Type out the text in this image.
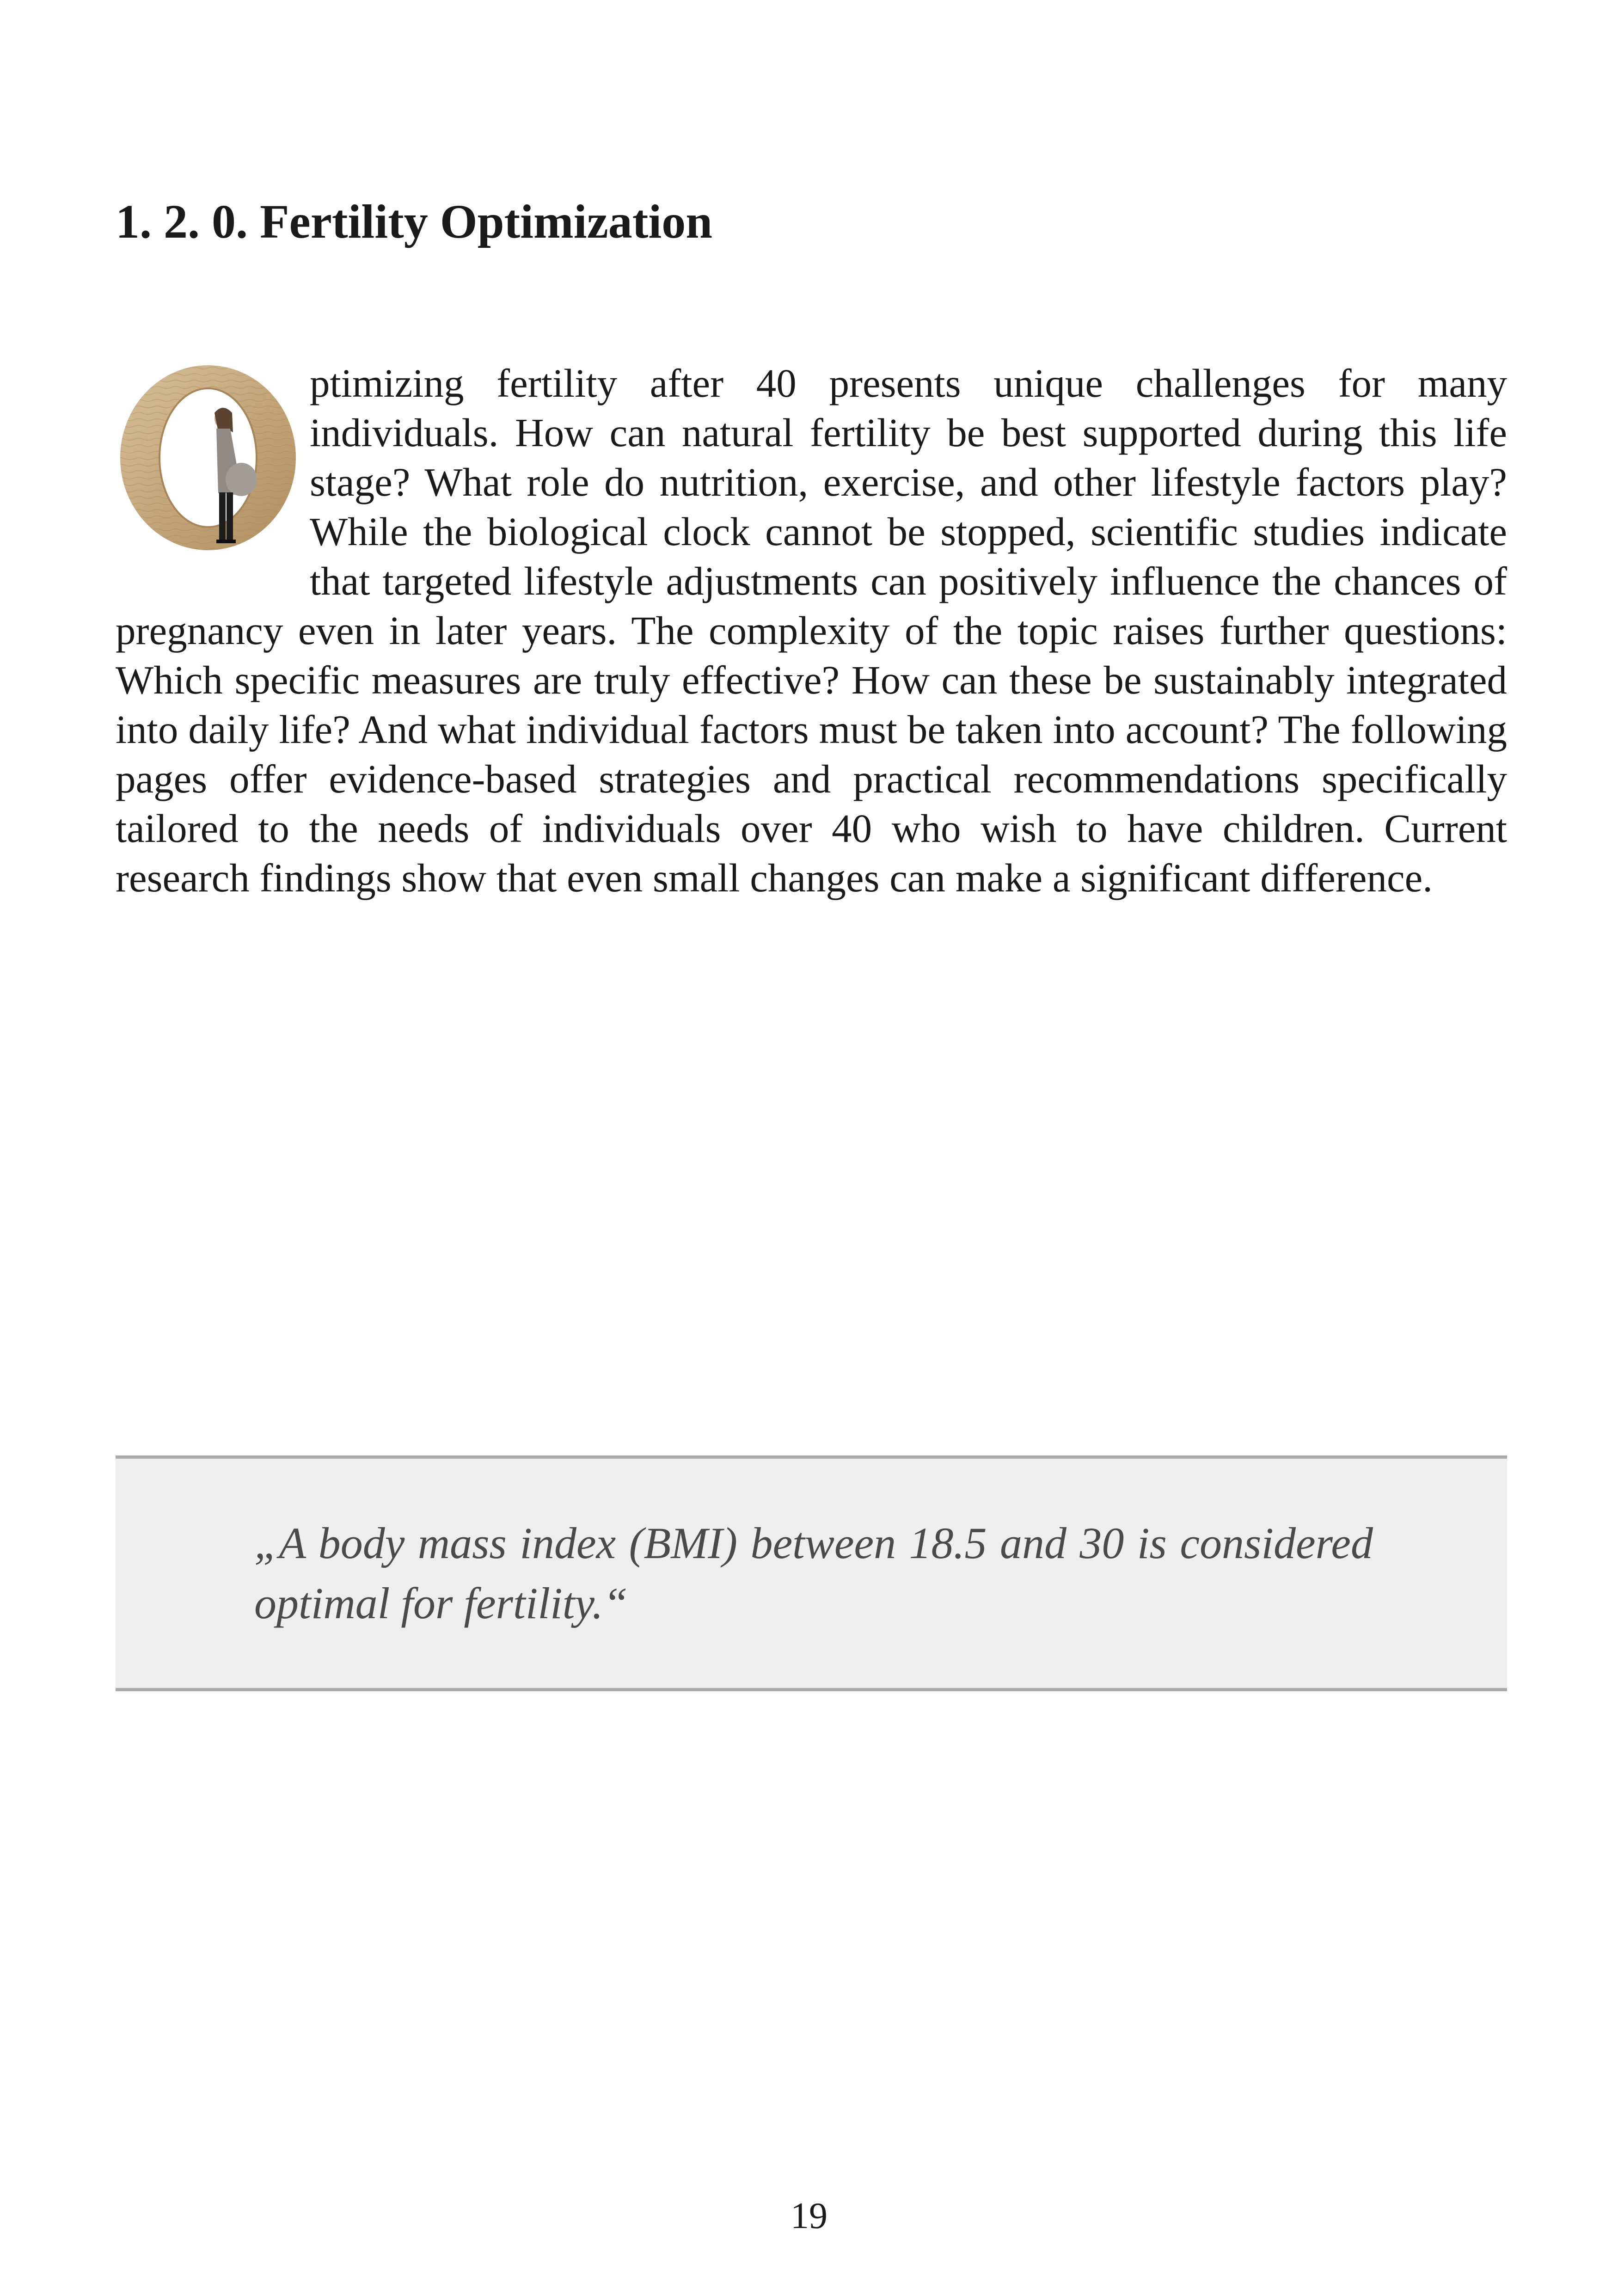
1. 2. 0. Fertility Optimization
ptimizing fertility after 40 presents unique challenges for many individuals. How can natural fertility be best supported during this life stage? What role do nutrition, exercise, and other lifestyle factors play? While the biological clock cannot be stopped, scientific studies indicate that targeted lifestyle adjustments can positively influence the chances of pregnancy even in later years. The complexity of the topic raises further questions: Which specific measures are truly effective? How can these be sustainably integrated into daily life? And what individual factors must be taken into account? The following pages offer evidence-based strategies and practical recommendations specifically tailored to the needs of individuals over 40 who wish to have children. Current research findings show that even small changes can make a significant difference.

„A body mass index (BMI) between 18.5 and 30 is considered optimal for fertility.“

19
